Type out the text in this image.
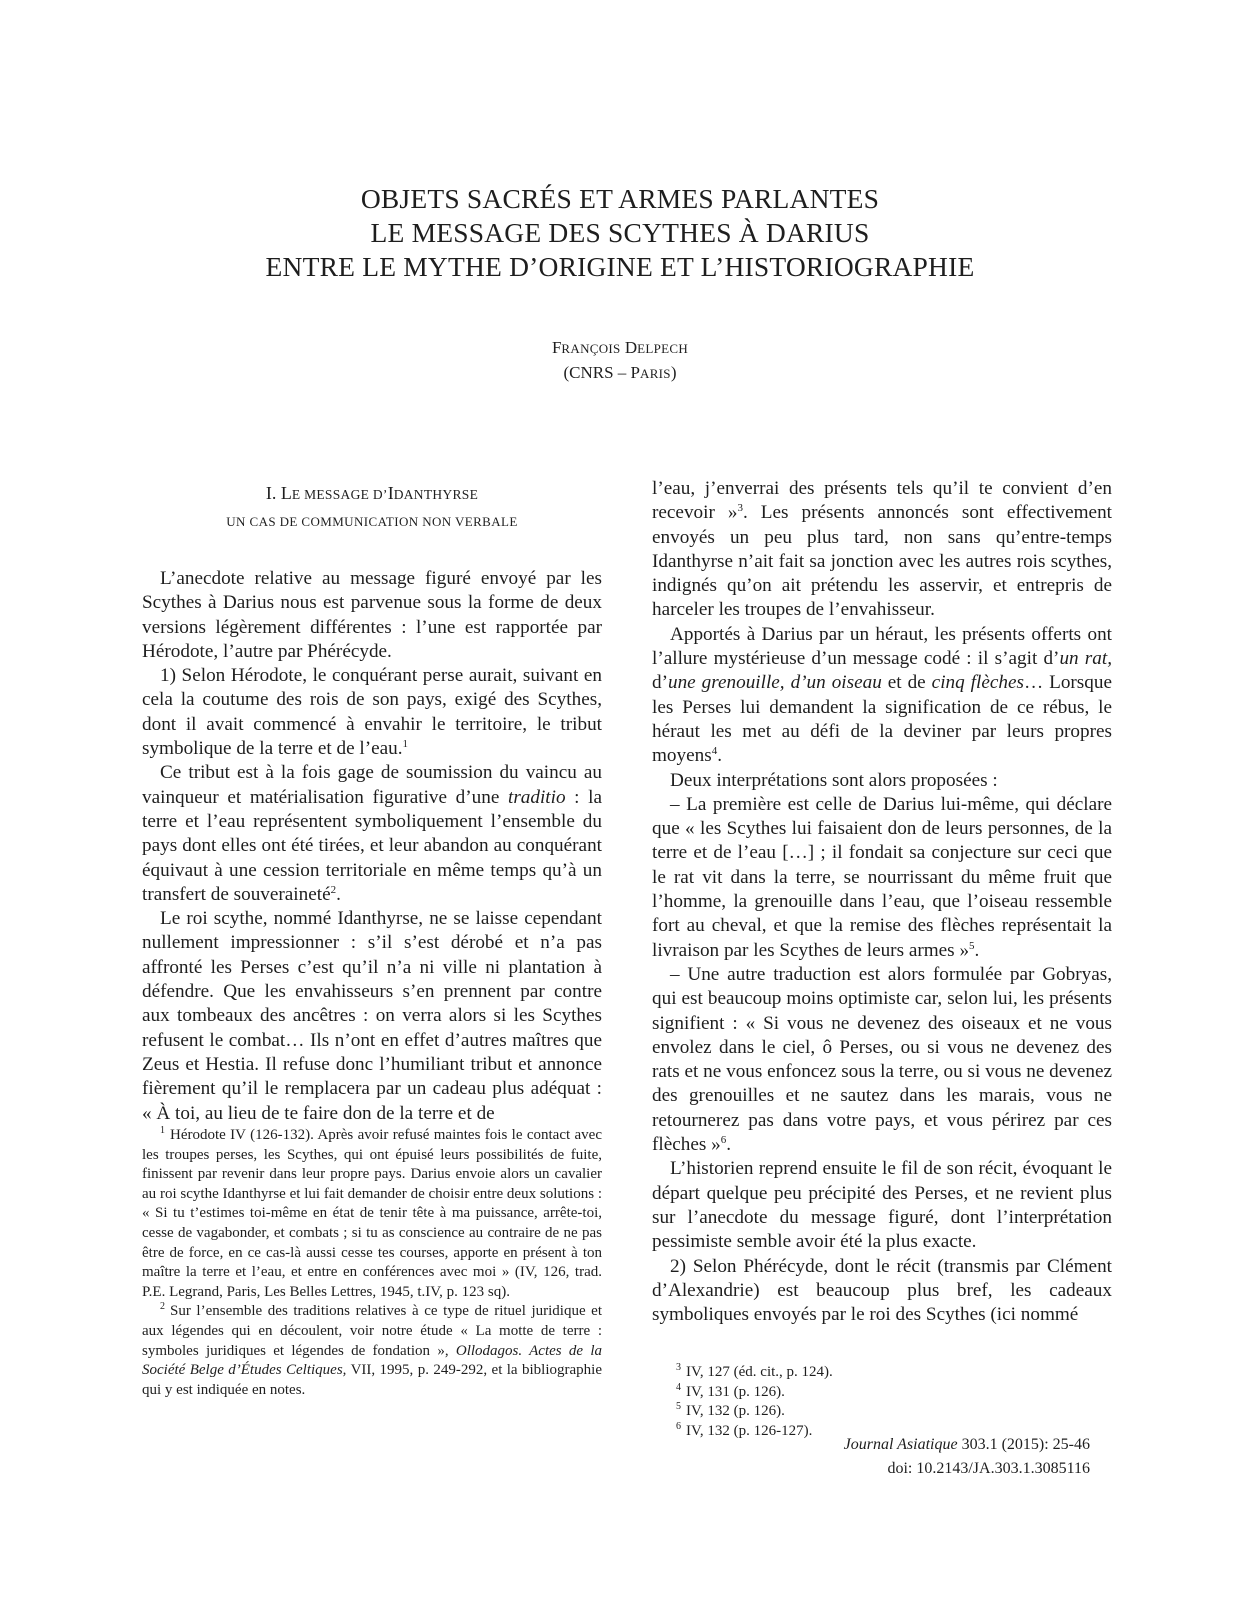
OBJETS SACRÉS ET ARMES PARLANTES
LE MESSAGE DES SCYTHES À DARIUS
ENTRE LE MYTHE D’ORIGINE ET L’HISTORIOGRAPHIE
FRANÇOIS DELPECH
(CNRS – PARIS)
I. LE MESSAGE D’IDANTHYRSE
UN CAS DE COMMUNICATION NON VERBALE

L’anecdote relative au message figuré envoyé par les Scythes à Darius nous est parvenue sous la forme de deux versions légèrement différentes : l’une est rapportée par Hérodote, l’autre par Phérécyde.

1) Selon Hérodote, le conquérant perse aurait, suivant en cela la coutume des rois de son pays, exigé des Scythes, dont il avait commencé à envahir le territoire, le tribut symbolique de la terre et de l’eau.$^1$

Ce tribut est à la fois gage de soumission du vaincu au vainqueur et matérialisation figurative d’une traditio : la terre et l’eau représentent symboliquement l’ensemble du pays dont elles ont été tirées, et leur abandon au conquérant équivaut à une cession territoriale en même temps qu’à un transfert de souveraineté$^2$.

Le roi scythe, nommé Idanthyrse, ne se laisse cependant nullement impressionner : s’il s’est dérobé et n’a pas affronté les Perses c’est qu’il n’a ni ville ni plantation à défendre. Que les envahisseurs s’en prennent par contre aux tombeaux des ancêtres : on verra alors si les Scythes refusent le combat… Ils n’ont en effet d’autres maîtres que Zeus et Hestia. Il refuse donc l’humiliant tribut et annonce fièrement qu’il le remplacera par un cadeau plus adéquat : « À toi, au lieu de te faire don de la terre et de

l’eau, j’enverrai des présents tels qu’il te convient d’en recevoir »$^3$. Les présents annoncés sont effectivement envoyés un peu plus tard, non sans qu’entre-temps Idanthyrse n’ait fait sa jonction avec les autres rois scythes, indignés qu’on ait prétendu les asservir, et entrepris de harceler les troupes de l’envahisseur.

Apportés à Darius par un héraut, les présents offerts ont l’allure mystérieuse d’un message codé : il s’agit d’un rat, d’une grenouille, d’un oiseau et de cinq flèches… Lorsque les Perses lui demandent la signification de ce rébus, le héraut les met au défi de la deviner par leurs propres moyens$^4$.

Deux interprétations sont alors proposées :

– La première est celle de Darius lui-même, qui déclare que « les Scythes lui faisaient don de leurs personnes, de la terre et de l’eau […] ; il fondait sa conjecture sur ceci que le rat vit dans la terre, se nourrissant du même fruit que l’homme, la grenouille dans l’eau, que l’oiseau ressemble fort au cheval, et que la remise des flèches représentait la livraison par les Scythes de leurs armes »$^5$.

– Une autre traduction est alors formulée par Gobryas, qui est beaucoup moins optimiste car, selon lui, les présents signifient : « Si vous ne devenez des oiseaux et ne vous envolez dans le ciel, ô Perses, ou si vous ne devenez des rats et ne vous enfoncez sous la terre, ou si vous ne devenez des grenouilles et ne sautez dans les marais, vous ne retournerez pas dans votre pays, et vous périrez par ces flèches »$^6$.

L’historien reprend ensuite le fil de son récit, évoquant le départ quelque peu précipité des Perses, et ne revient plus sur l’anecdote du message figuré, dont l’interprétation pessimiste semble avoir été la plus exacte.

2) Selon Phérécyde, dont le récit (transmis par Clément d’Alexandrie) est beaucoup plus bref, les cadeaux symboliques envoyés par le roi des Scythes (ici nommé

$^1$ Hérodote IV (126-132). Après avoir refusé maintes fois le contact avec les troupes perses, les Scythes, qui ont épuisé leurs possibilités de fuite, finissent par revenir dans leur propre pays. Darius envoie alors un cavalier au roi scythe Idanthyrse et lui fait demander de choisir entre deux solutions : « Si tu t’estimes toi-même en état de tenir tête à ma puissance, arrête-toi, cesse de vagabonder, et combats ; si tu as conscience au contraire de ne pas être de force, en ce cas-là aussi cesse tes courses, apporte en présent à ton maître la terre et l’eau, et entre en conférences avec moi » (IV, 126, trad. P.E. Legrand, Paris, Les Belles Lettres, 1945, t.IV, p. 123 sq).

$^2$ Sur l’ensemble des traditions relatives à ce type de rituel juridique et aux légendes qui en découlent, voir notre étude « La motte de terre : symboles juridiques et légendes de fondation », Ollodagos. Actes de la Société Belge d’Études Celtiques, VII, 1995, p. 249-292, et la bibliographie qui y est indiquée en notes.

$^3$ IV, 127 (éd. cit., p. 124).

$^4$ IV, 131 (p. 126).

$^5$ IV, 132 (p. 126).

$^6$ IV, 132 (p. 126-127).

Journal Asiatique 303.1 (2015): 25-46
doi: 10.2143/JA.303.1.3085116
